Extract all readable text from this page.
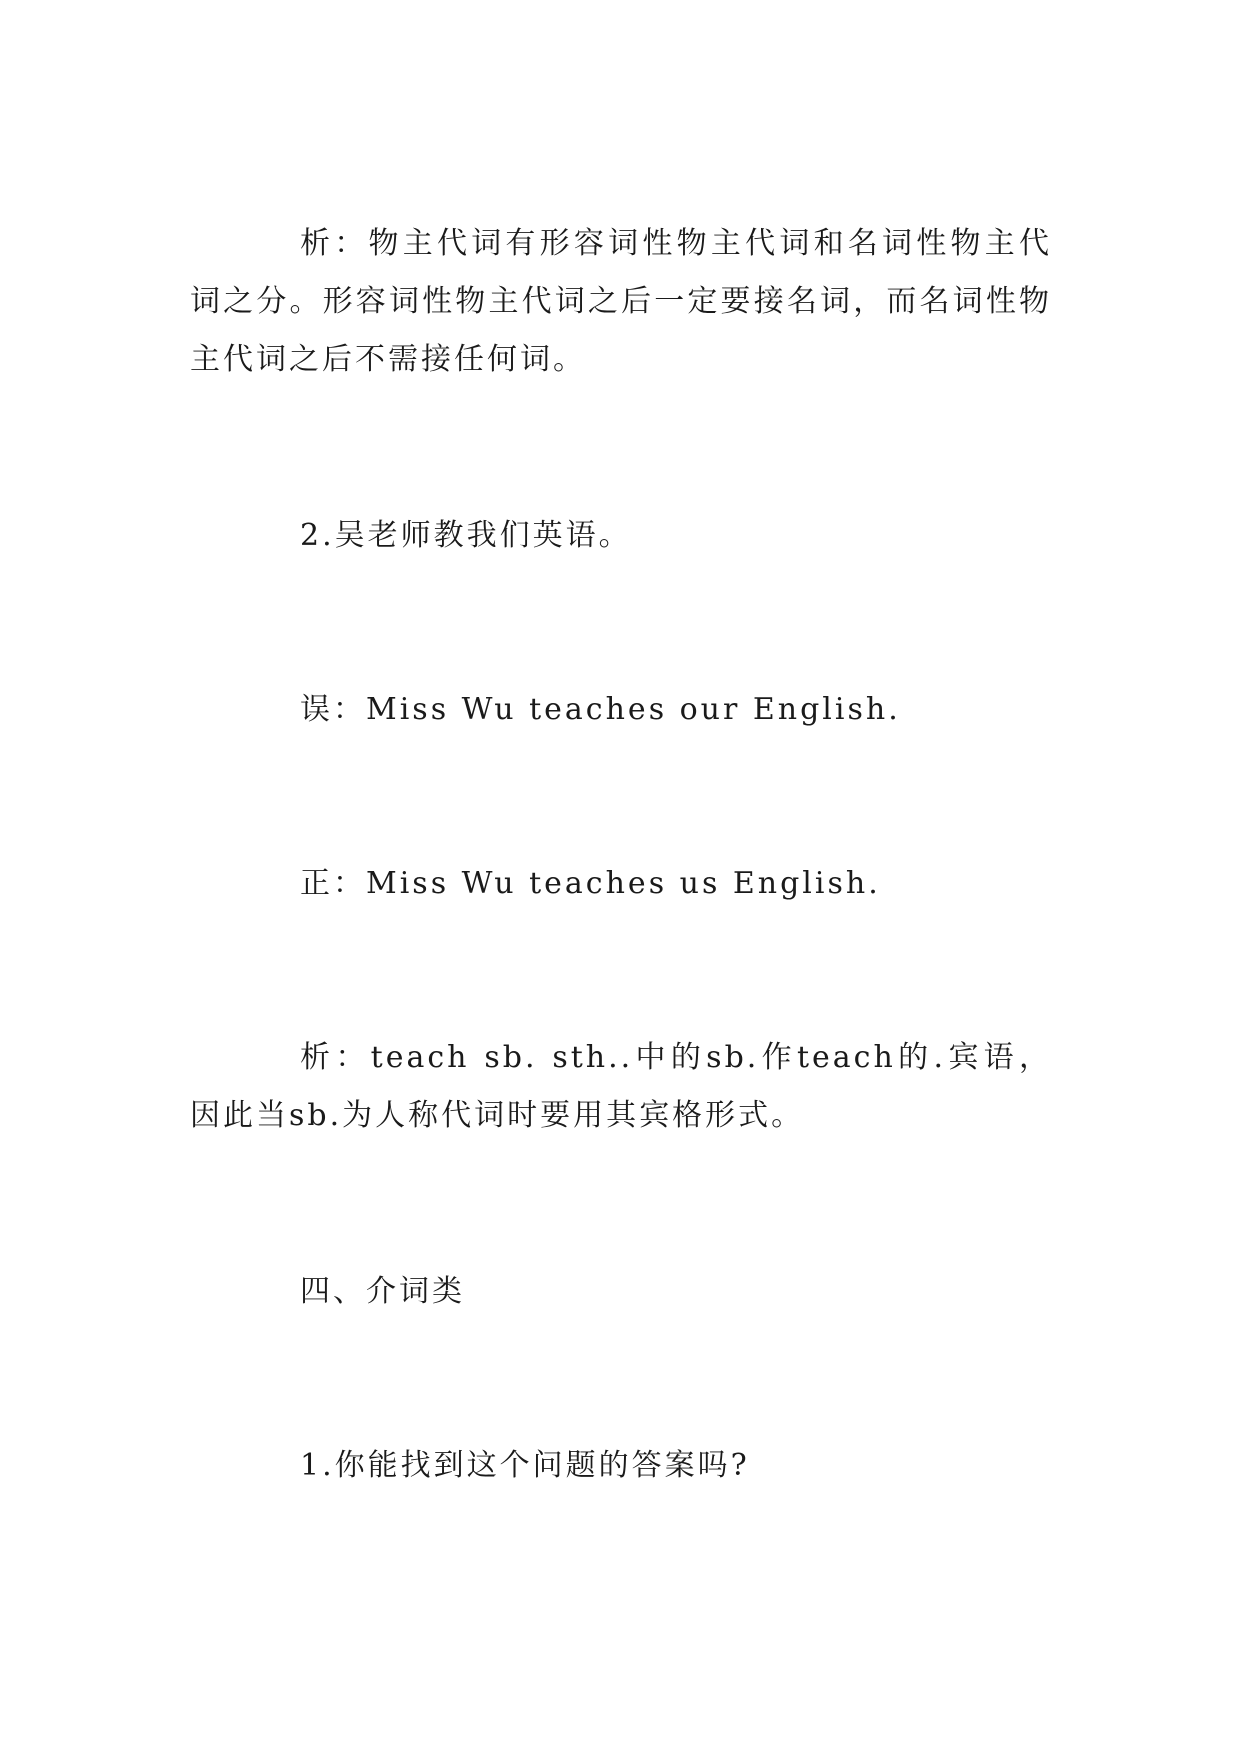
析：物主代词有形容词性物主代词和名词性物主代词之分。形容词性物主代词之后一定要接名词，而名词性物主代词之后不需接任何词。

2.吴老师教我们英语。

误：Miss Wu teaches our English.

正：Miss Wu teaches us English.

析：teach sb. sth..中的sb.作teach的.宾语，因此当sb.为人称代词时要用其宾格形式。

四、介词类

1.你能找到这个问题的答案吗?
